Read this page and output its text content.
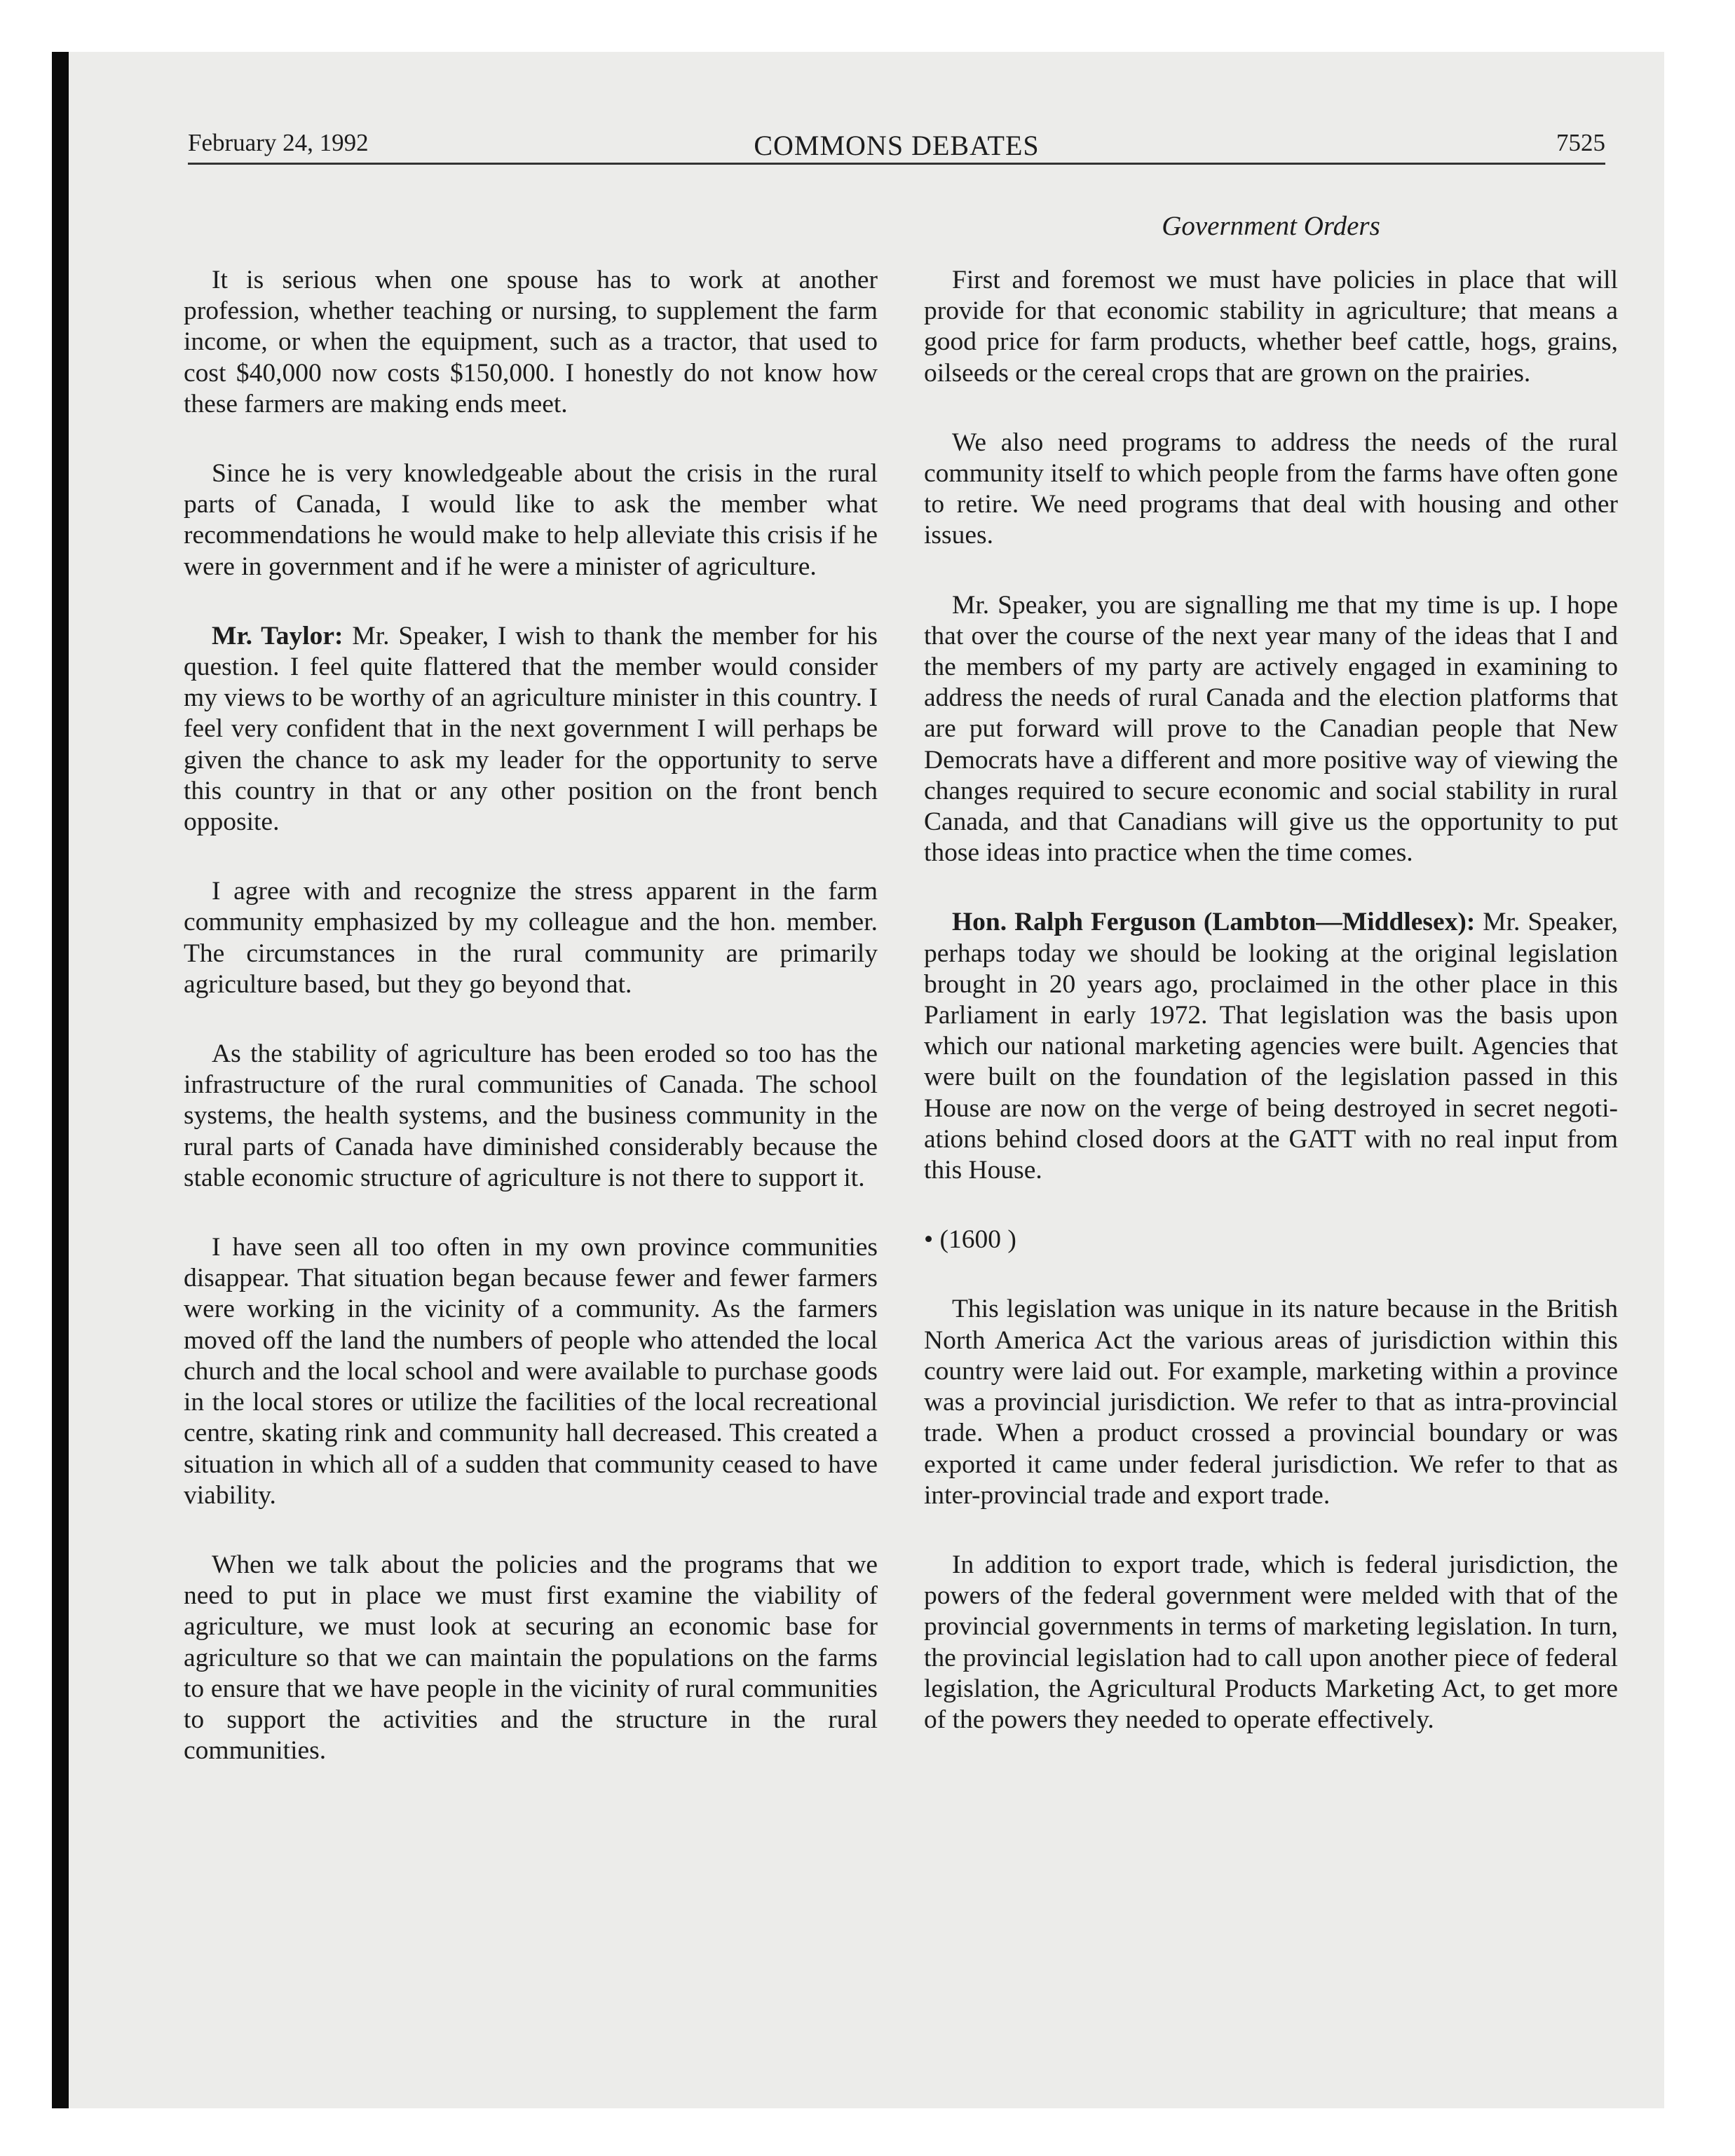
February 24, 1992	COMMONS DEBATES	7525
Government Orders

It is serious when one spouse has to work at another profession, whether teaching or nursing, to supplement the farm income, or when the equipment, such as a tractor, that used to cost $40,000 now costs $150,000. I honestly do not know how these farmers are making ends meet.

Since he is very knowledgeable about the crisis in the rural parts of Canada, I would like to ask the member what recommendations he would make to help alleviate this crisis if he were in government and if he were a minister of agriculture.

Mr. Taylor: Mr. Speaker, I wish to thank the member for his question. I feel quite flattered that the member would consider my views to be worthy of an agriculture minister in this country. I feel very confident that in the next government I will perhaps be given the chance to ask my leader for the opportunity to serve this country in that or any other position on the front bench opposite.

I agree with and recognize the stress apparent in the farm community emphasized by my colleague and the hon. member. The circumstances in the rural community are primarily agriculture based, but they go beyond that.

As the stability of agriculture has been eroded so too has the infrastructure of the rural communities of Canada. The school systems, the health systems, and the business community in the rural parts of Canada have diminished considerably because the stable economic structure of agriculture is not there to support it.

I have seen all too often in my own province communities disappear. That situation began because fewer and fewer farmers were working in the vicinity of a community. As the farmers moved off the land the numbers of people who attended the local church and the local school and were available to purchase goods in the local stores or utilize the facilities of the local recreational centre, skating rink and community hall decreased. This created a situation in which all of a sudden that community ceased to have viability.

When we talk about the policies and the programs that we need to put in place we must first examine the viability of agriculture, we must look at securing an economic base for agriculture so that we can maintain the populations on the farms to ensure that we have people in the vicinity of rural communities to support the activities and the structure in the rural communities.

First and foremost we must have policies in place that will provide for that economic stability in agriculture; that means a good price for farm products, whether beef cattle, hogs, grains, oilseeds or the cereal crops that are grown on the prairies.

We also need programs to address the needs of the rural community itself to which people from the farms have often gone to retire. We need programs that deal with housing and other issues.

Mr. Speaker, you are signalling me that my time is up. I hope that over the course of the next year many of the ideas that I and the members of my party are actively engaged in examining to address the needs of rural Canada and the election platforms that are put forward will prove to the Canadian people that New Democrats have a different and more positive way of viewing the changes required to secure economic and social stability in rural Canada, and that Canadians will give us the opportunity to put those ideas into practice when the time comes.

Hon. Ralph Ferguson (Lambton—Middlesex): Mr. Speaker, perhaps today we should be looking at the original legislation brought in 20 years ago, proclaimed in the other place in this Parliament in early 1972. That legislation was the basis upon which our national marketing agencies were built. Agencies that were built on the foundation of the legislation passed in this House are now on the verge of being destroyed in secret negotiations behind closed doors at the GATT with no real input from this House.

• (1600 )

This legislation was unique in its nature because in the British North America Act the various areas of jurisdiction within this country were laid out. For example, marketing within a province was a provincial jurisdiction. We refer to that as intra-provincial trade. When a product crossed a provincial boundary or was exported it came under federal jurisdiction. We refer to that as inter-provincial trade and export trade.

In addition to export trade, which is federal jurisdiction, the powers of the federal government were melded with that of the provincial governments in terms of marketing legislation. In turn, the provincial legislation had to call upon another piece of federal legislation, the Agricultural Products Marketing Act, to get more of the powers they needed to operate effectively.
